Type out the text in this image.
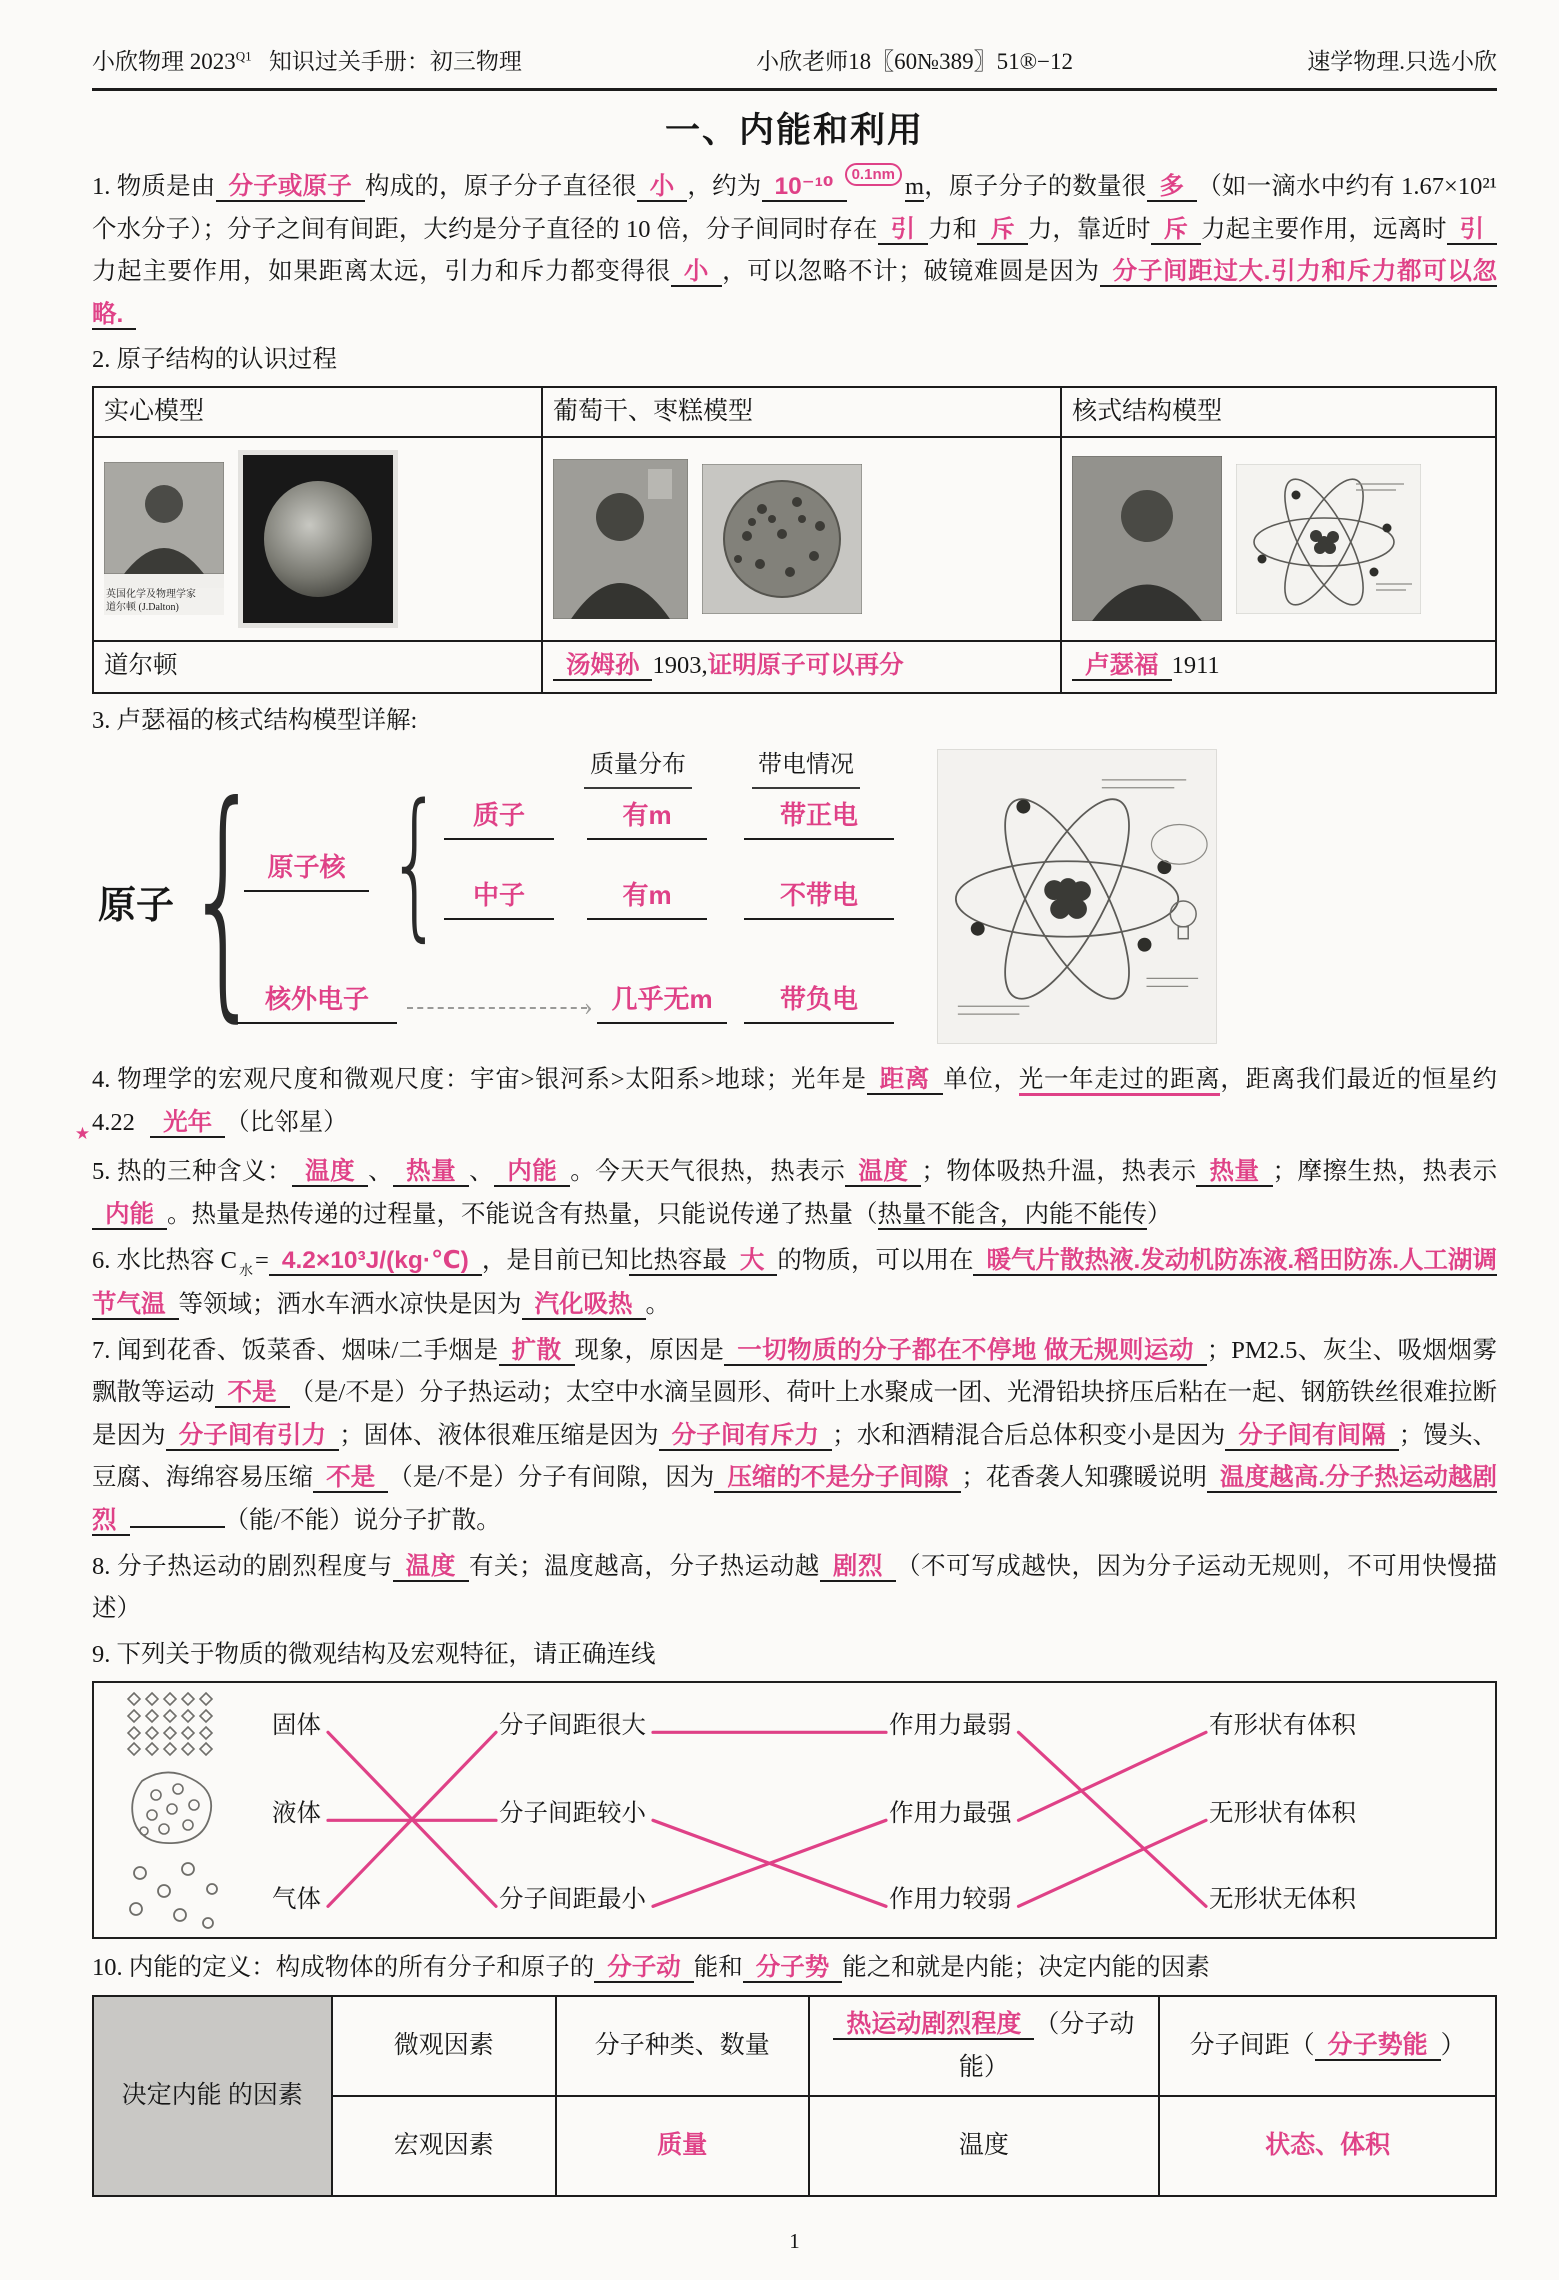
小欣物理 $2023^{Q1}$ 知识过关手册：初三物理	小欣老师18〖60№389〗51®−12	速学物理.只选小欣
一、内能和利用

1. 物质是由 分子或原子 构成的，原子分子直径很 小 ，约为 10⁻¹⁰ 0.1nm m，原子分子的数量很 多 （如一滴水中约有 1.67×10²¹ 个水分子）；分子之间有间距，大约是分子直径的 10 倍，分子间同时存在 引 力和 斥 力，靠近时 斥 力起主要作用，远离时 引力起主要作用，如果距离太远，引力和斥力都变得很 小 ，可以忽略不计；破镜难圆是因为 分子间距过大.引力和斥力都可以忽略.

2. 原子结构的认识过程

实心模型	葡萄干、枣糕模型	核式结构模型

英国化学及物理学家
道尔顿 (J.Dalton)

道尔顿	汤姆孙 1903,证明原子可以再分	卢瑟福 1911

3. 卢瑟福的核式结构模型详解:

质量分布	带电情况
原子 { 原子核 {	质子	有m	带正电
中子	有m	不带电
核外电子	› 几乎无m	带负电

4. 物理学的宏观尺度和微观尺度：宇宙>银河系>太阳系>地球；光年是 距离 单位，光一年走过的距离，距离我们最近的恒星约 $4.22_★$	光年 （比邻星）

5. 热的三种含义： 温度 、 热量 、 内能 。今天天气很热，热表示 温度 ；物体吸热升温，热表示 热量 ；摩擦生热，热表示内能 。热量是热传递的过程量，不能说含有热量，只能说传递了热量（热量不能含，内能不能传）

6. 水比热容 C $_水$= 4.2×10³J/(kg·℃) ，是目前已知比热容最 大 的物质，可以用在 暖气片散热液.发动机防冻液.稻田防冻.人工湖调节气温 等领域；洒水车洒水凉快是因为 汽化吸热 。

7. 闻到花香、饭菜香、烟味/二手烟是 扩散 现象，原因是 一切物质的分子都在不停地 做无规则运动 ；PM2.5、灰尘、吸烟烟雾飘散等运动 不是 （是/不是）分子热运动；太空中水滴呈圆形、荷叶上水聚成一团、光滑铅块挤压后粘在一起、钢筋铁丝很难拉断是因为 分子间有引力 ；固体、液体很难压缩是因为 分子间有斥力 ；水和酒精混合后总体积变小是因为 分子间有间隔 ；馒头、豆腐、海绵容易压缩 不是 （是/不是）分子有间隙，因为 压缩的不是分子间隙 ；花香袭人知骤暖说明 温度越高.分子热运动越剧烈	（能/不能）说分子扩散。

8. 分子热运动的剧烈程度与 温度 有关；温度越高，分子热运动越 剧烈 （不可写成越快，因为分子运动无规则，不可用快慢描述）

9. 下列关于物质的微观结构及宏观特征，请正确连线

固体
液体
气体
分子间距很大
分子间距较小
分子间距最小
作用力最弱
作用力最强
作用力较弱
有形状有体积
无形状有体积
无形状无体积

10. 内能的定义：构成物体的所有分子和原子的 分子动 能和 分子势 能之和就是内能；决定内能的因素

决定内能 的因素	微观因素	分子种类、数量	热运动剧烈程度 （分子动能）	分子间距（ 分子势能 ）
	宏观因素	质量	温度	状态、体积
1
